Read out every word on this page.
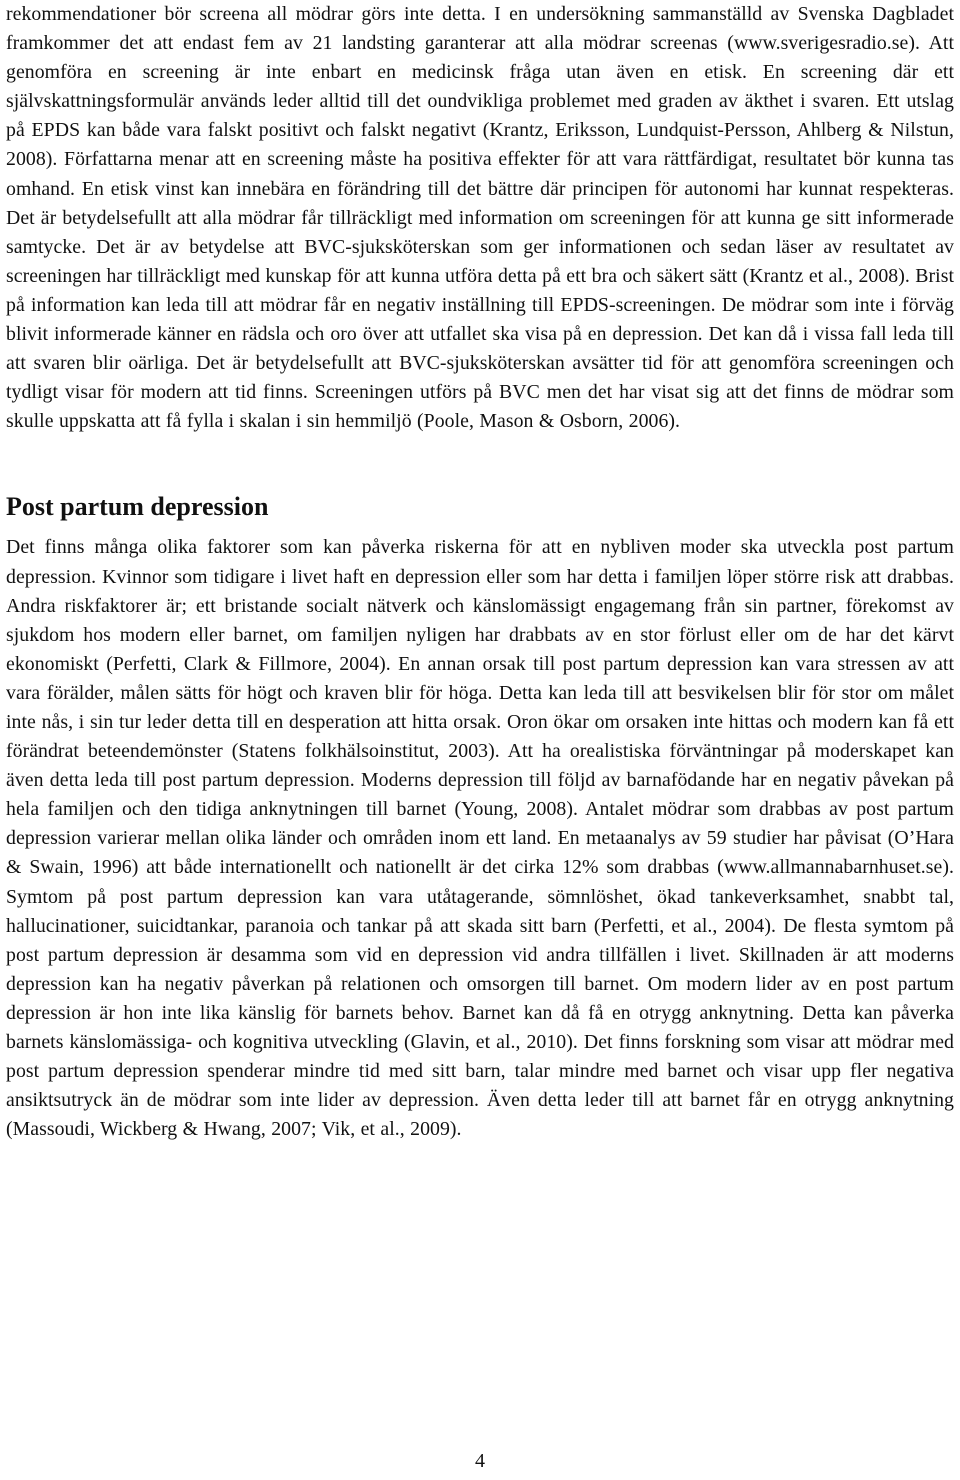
rekommendationer bör screena all mödrar görs inte detta. I en undersökning sammanställd av Svenska Dagbladet framkommer det att endast fem av 21 landsting garanterar att alla mödrar screenas (www.sverigesradio.se). Att genomföra en screening är inte enbart en medicinsk fråga utan även en etisk. En screening där ett självskattningsformulär används leder alltid till det oundvikliga problemet med graden av äkthet i svaren. Ett utslag på EPDS kan både vara falskt positivt och falskt negativt (Krantz, Eriksson, Lundquist-Persson, Ahlberg & Nilstun, 2008). Författarna menar att en screening måste ha positiva effekter för att vara rättfärdigat, resultatet bör kunna tas omhand. En etisk vinst kan innebära en förändring till det bättre där principen för autonomi har kunnat respekteras. Det är betydelsefullt att alla mödrar får tillräckligt med information om screeningen för att kunna ge sitt informerade samtycke. Det är av betydelse att BVC-sjuksköterskan som ger informationen och sedan läser av resultatet av screeningen har tillräckligt med kunskap för att kunna utföra detta på ett bra och säkert sätt (Krantz et al., 2008). Brist på information kan leda till att mödrar får en negativ inställning till EPDS-screeningen. De mödrar som inte i förväg blivit informerade känner en rädsla och oro över att utfallet ska visa på en depression. Det kan då i vissa fall leda till att svaren blir oärliga. Det är betydelsefullt att BVC-sjuksköterskan avsätter tid för att genomföra screeningen och tydligt visar för modern att tid finns. Screeningen utförs på BVC men det har visat sig att det finns de mödrar som skulle uppskatta att få fylla i skalan i sin hemmiljö (Poole, Mason & Osborn, 2006).

Post partum depression

Det finns många olika faktorer som kan påverka riskerna för att en nybliven moder ska utveckla post partum depression. Kvinnor som tidigare i livet haft en depression eller som har detta i familjen löper större risk att drabbas. Andra riskfaktorer är; ett bristande socialt nätverk och känslomässigt engagemang från sin partner, förekomst av sjukdom hos modern eller barnet, om familjen nyligen har drabbats av en stor förlust eller om de har det kärvt ekonomiskt (Perfetti, Clark & Fillmore, 2004). En annan orsak till post partum depression kan vara stressen av att vara förälder, målen sätts för högt och kraven blir för höga. Detta kan leda till att besvikelsen blir för stor om målet inte nås, i sin tur leder detta till en desperation att hitta orsak. Oron ökar om orsaken inte hittas och modern kan få ett förändrat beteendemönster (Statens folkhälsoinstitut, 2003). Att ha orealistiska förväntningar på moderskapet kan även detta leda till post partum depression. Moderns depression till följd av barnafödande har en negativ påvekan på hela familjen och den tidiga anknytningen till barnet (Young, 2008). Antalet mödrar som drabbas av post partum depression varierar mellan olika länder och områden inom ett land. En metaanalys av 59 studier har påvisat (O’Hara & Swain, 1996) att både internationellt och nationellt är det cirka 12% som drabbas (www.allmannabarnhuset.se). Symtom på post partum depression kan vara utåtagerande, sömnlöshet, ökad tankeverksamhet, snabbt tal, hallucinationer, suicidtankar, paranoia och tankar på att skada sitt barn (Perfetti, et al., 2004). De flesta symtom på post partum depression är desamma som vid en depression vid andra tillfällen i livet. Skillnaden är att moderns depression kan ha negativ påverkan på relationen och omsorgen till barnet. Om modern lider av en post partum depression är hon inte lika känslig för barnets behov. Barnet kan då få en otrygg anknytning. Detta kan påverka barnets känslomässiga- och kognitiva utveckling (Glavin, et al., 2010). Det finns forskning som visar att mödrar med post partum depression spenderar mindre tid med sitt barn, talar mindre med barnet och visar upp fler negativa ansiktsutryck än de mödrar som inte lider av depression. Även detta leder till att barnet får en otrygg anknytning (Massoudi, Wickberg & Hwang, 2007; Vik, et al., 2009).

4
